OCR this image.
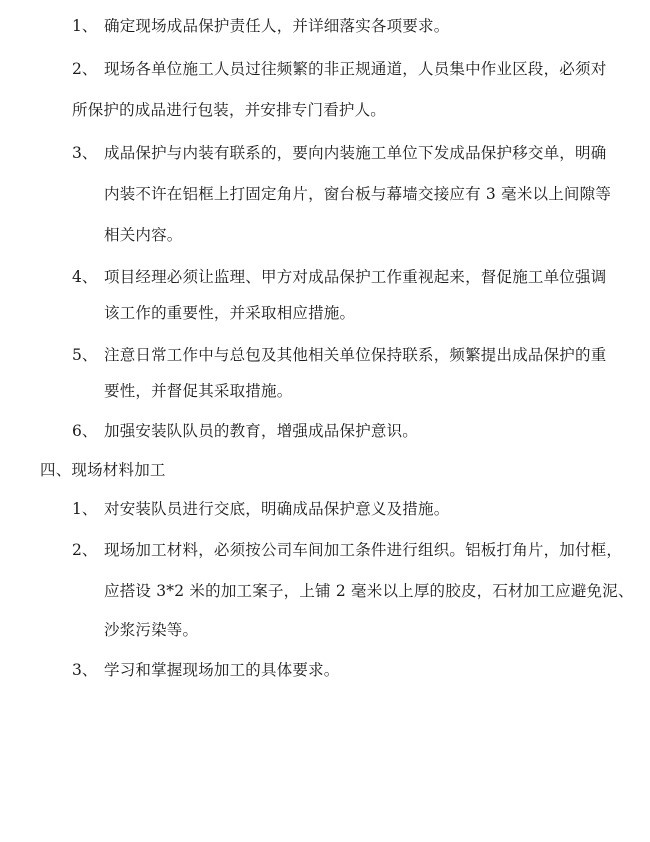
1、 确定现场成品保护责任人，并详细落实各项要求。
2、 现场各单位施工人员过往频繁的非正规通道，人员集中作业区段，必须对
所保护的成品进行包装，并安排专门看护人。
3、 成品保护与内装有联系的，要向内装施工单位下发成品保护移交单，明确
内装不许在铝框上打固定角片，窗台板与幕墙交接应有 3 毫米以上间隙等
相关内容。
4、 项目经理必须让监理、甲方对成品保护工作重视起来，督促施工单位强调
该工作的重要性，并采取相应措施。
5、 注意日常工作中与总包及其他相关单位保持联系，频繁提出成品保护的重
要性，并督促其采取措施。
6、 加强安装队队员的教育，增强成品保护意识。
四、现场材料加工
1、 对安装队员进行交底，明确成品保护意义及措施。
2、 现场加工材料，必须按公司车间加工条件进行组织。铝板打角片，加付框，
应搭设 3*2 米的加工案子，上铺 2 毫米以上厚的胶皮，石材加工应避免泥、
沙浆污染等。
3、 学习和掌握现场加工的具体要求。
